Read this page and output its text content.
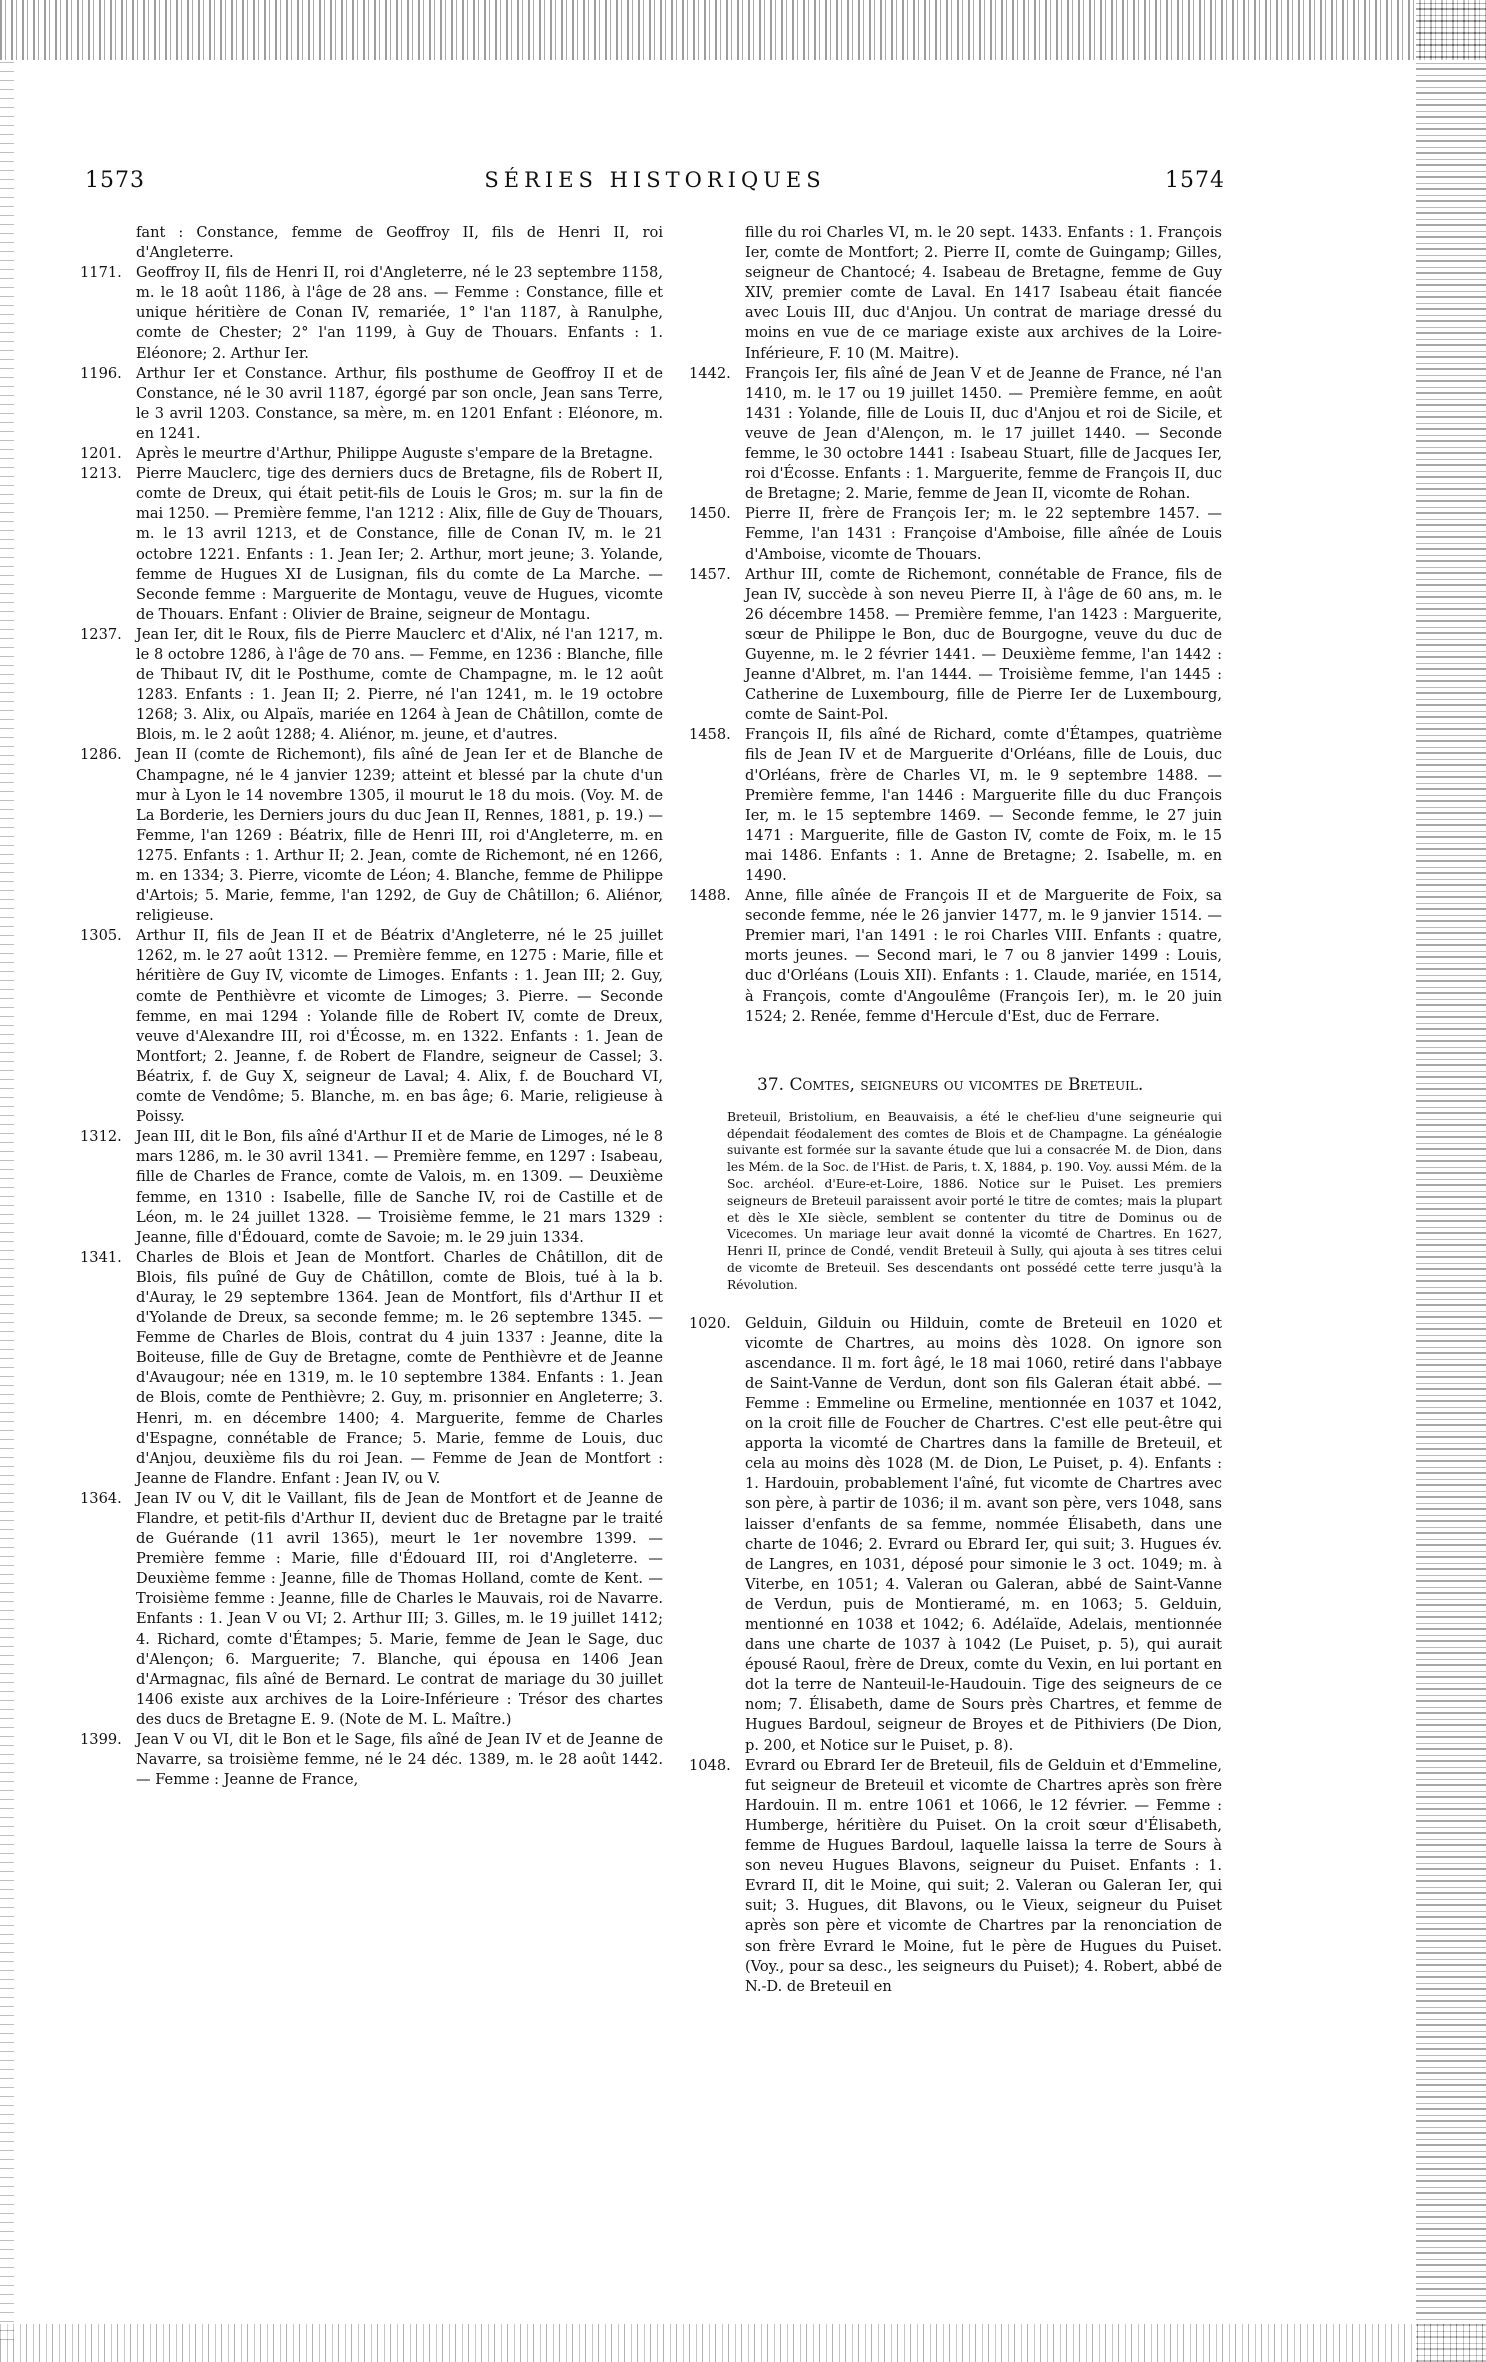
1573	SÉRIES HISTORIQUES	1574
fant : Constance, femme de Geoffroy II, fils de Henri II, roi d'Angleterre.
1171. Geoffroy II, fils de Henri II, roi d'Angleterre, né le 23 septembre 1158, m. le 18 août 1186, à l'âge de 28 ans. — Femme : Constance, fille et unique héritière de Conan IV, remariée, 1° l'an 1187, à Ranulphe, comte de Chester; 2° l'an 1199, à Guy de Thouars. Enfants : 1. Eléonore; 2. Arthur Ier.
1196. Arthur Ier et Constance. Arthur, fils posthume de Geoffroy II et de Constance, né le 30 avril 1187, égorgé par son oncle, Jean sans Terre, le 3 avril 1203. Constance, sa mère, m. en 1201 Enfant : Eléonore, m. en 1241.
1201. Après le meurtre d'Arthur, Philippe Auguste s'empare de la Bretagne.
1213. Pierre Mauclerc, tige des derniers ducs de Bretagne, fils de Robert II, comte de Dreux, qui était petit-fils de Louis le Gros; m. sur la fin de mai 1250. — Première femme, l'an 1212 : Alix, fille de Guy de Thouars, m. le 13 avril 1213, et de Constance, fille de Conan IV, m. le 21 octobre 1221. Enfants : 1. Jean Ier; 2. Arthur, mort jeune; 3. Yolande, femme de Hugues XI de Lusignan, fils du comte de La Marche. — Seconde femme : Marguerite de Montagu, veuve de Hugues, vicomte de Thouars. Enfant : Olivier de Braine, seigneur de Montagu.
1237. Jean Ier, dit le Roux, fils de Pierre Mauclerc et d'Alix, né l'an 1217, m. le 8 octobre 1286, à l'âge de 70 ans. — Femme, en 1236 : Blanche, fille de Thibaut IV, dit le Posthume, comte de Champagne, m. le 12 août 1283. Enfants : 1. Jean II; 2. Pierre, né l'an 1241, m. le 19 octobre 1268; 3. Alix, ou Alpaïs, mariée en 1264 à Jean de Châtillon, comte de Blois, m. le 2 août 1288; 4. Aliénor, m. jeune, et d'autres.
1286. Jean II (comte de Richemont), fils aîné de Jean Ier et de Blanche de Champagne, né le 4 janvier 1239; atteint et blessé par la chute d'un mur à Lyon le 14 novembre 1305, il mourut le 18 du mois. (Voy. M. de La Borderie, les Derniers jours du duc Jean II, Rennes, 1881, p. 19.) — Femme, l'an 1269 : Béatrix, fille de Henri III, roi d'Angleterre, m. en 1275. Enfants : 1. Arthur II; 2. Jean, comte de Richemont, né en 1266, m. en 1334; 3. Pierre, vicomte de Léon; 4. Blanche, femme de Philippe d'Artois; 5. Marie, femme, l'an 1292, de Guy de Châtillon; 6. Aliénor, religieuse.
1305. Arthur II, fils de Jean II et de Béatrix d'Angleterre, né le 25 juillet 1262, m. le 27 août 1312. — Première femme, en 1275 : Marie, fille et héritière de Guy IV, vicomte de Limoges. Enfants : 1. Jean III; 2. Guy, comte de Penthièvre et vicomte de Limoges; 3. Pierre. — Seconde femme, en mai 1294 : Yolande fille de Robert IV, comte de Dreux, veuve d'Alexandre III, roi d'Écosse, m. en 1322. Enfants : 1. Jean de Montfort; 2. Jeanne, f. de Robert de Flandre, seigneur de Cassel; 3. Béatrix, f. de Guy X, seigneur de Laval; 4. Alix, f. de Bouchard VI, comte de Vendôme; 5. Blanche, m. en bas âge; 6. Marie, religieuse à Poissy.
1312. Jean III, dit le Bon, fils aîné d'Arthur II et de Marie de Limoges, né le 8 mars 1286, m. le 30 avril 1341. — Première femme, en 1297 : Isabeau, fille de Charles de France, comte de Valois, m. en 1309. — Deuxième femme, en 1310 : Isabelle, fille de Sanche IV, roi de Castille et de Léon, m. le 24 juillet 1328. — Troisième femme, le 21 mars 1329 : Jeanne, fille d'Édouard, comte de Savoie; m. le 29 juin 1334.
1341. Charles de Blois et Jean de Montfort. Charles de Châtillon, dit de Blois, fils puîné de Guy de Châtillon, comte de Blois, tué à la b. d'Auray, le 29 septembre 1364. Jean de Montfort, fils d'Arthur II et d'Yolande de Dreux, sa seconde femme; m. le 26 septembre 1345. — Femme de Charles de Blois, contrat du 4 juin 1337 : Jeanne, dite la Boiteuse, fille de Guy de Bretagne, comte de Penthièvre et de Jeanne d'Avaugour; née en 1319, m. le 10 septembre 1384. Enfants : 1. Jean de Blois, comte de Penthièvre; 2. Guy, m. prisonnier en Angleterre; 3. Henri, m. en décembre 1400; 4. Marguerite, femme de Charles d'Espagne, connétable de France; 5. Marie, femme de Louis, duc d'Anjou, deuxième fils du roi Jean. — Femme de Jean de Montfort : Jeanne de Flandre. Enfant : Jean IV, ou V.
1364. Jean IV ou V, dit le Vaillant, fils de Jean de Montfort et de Jeanne de Flandre, et petit-fils d'Arthur II, devient duc de Bretagne par le traité de Guérande (11 avril 1365), meurt le 1er novembre 1399. — Première femme : Marie, fille d'Édouard III, roi d'Angleterre. — Deuxième femme : Jeanne, fille de Thomas Holland, comte de Kent. — Troisième femme : Jeanne, fille de Charles le Mauvais, roi de Navarre. Enfants : 1. Jean V ou VI; 2. Arthur III; 3. Gilles, m. le 19 juillet 1412; 4. Richard, comte d'Étampes; 5. Marie, femme de Jean le Sage, duc d'Alençon; 6. Marguerite; 7. Blanche, qui épousa en 1406 Jean d'Armagnac, fils aîné de Bernard. Le contrat de mariage du 30 juillet 1406 existe aux archives de la Loire-Inférieure : Trésor des chartes des ducs de Bretagne E. 9. (Note de M. L. Maître.)
1399. Jean V ou VI, dit le Bon et le Sage, fils aîné de Jean IV et de Jeanne de Navarre, sa troisième femme, né le 24 déc. 1389, m. le 28 août 1442. — Femme : Jeanne de France,
fille du roi Charles VI, m. le 20 sept. 1433. Enfants : 1. François Ier, comte de Montfort; 2. Pierre II, comte de Guingamp; Gilles, seigneur de Chantocé; 4. Isabeau de Bretagne, femme de Guy XIV, premier comte de Laval. En 1417 Isabeau était fiancée avec Louis III, duc d'Anjou. Un contrat de mariage dressé du moins en vue de ce mariage existe aux archives de la Loire-Inférieure, F. 10 (M. Maitre).
1442. François Ier, fils aîné de Jean V et de Jeanne de France, né l'an 1410, m. le 17 ou 19 juillet 1450. — Première femme, en août 1431 : Yolande, fille de Louis II, duc d'Anjou et roi de Sicile, et veuve de Jean d'Alençon, m. le 17 juillet 1440. — Seconde femme, le 30 octobre 1441 : Isabeau Stuart, fille de Jacques Ier, roi d'Écosse. Enfants : 1. Marguerite, femme de François II, duc de Bretagne; 2. Marie, femme de Jean II, vicomte de Rohan.
1450. Pierre II, frère de François Ier; m. le 22 septembre 1457. — Femme, l'an 1431 : Françoise d'Amboise, fille aînée de Louis d'Amboise, vicomte de Thouars.
1457. Arthur III, comte de Richemont, connétable de France, fils de Jean IV, succède à son neveu Pierre II, à l'âge de 60 ans, m. le 26 décembre 1458. — Première femme, l'an 1423 : Marguerite, sœur de Philippe le Bon, duc de Bourgogne, veuve du duc de Guyenne, m. le 2 février 1441. — Deuxième femme, l'an 1442 : Jeanne d'Albret, m. l'an 1444. — Troisième femme, l'an 1445 : Catherine de Luxembourg, fille de Pierre Ier de Luxembourg, comte de Saint-Pol.
1458. François II, fils aîné de Richard, comte d'Étampes, quatrième fils de Jean IV et de Marguerite d'Orléans, fille de Louis, duc d'Orléans, frère de Charles VI, m. le 9 septembre 1488. — Première femme, l'an 1446 : Marguerite fille du duc François Ier, m. le 15 septembre 1469. — Seconde femme, le 27 juin 1471 : Marguerite, fille de Gaston IV, comte de Foix, m. le 15 mai 1486. Enfants : 1. Anne de Bretagne; 2. Isabelle, m. en 1490.
1488. Anne, fille aînée de François II et de Marguerite de Foix, sa seconde femme, née le 26 janvier 1477, m. le 9 janvier 1514. — Premier mari, l'an 1491 : le roi Charles VIII. Enfants : quatre, morts jeunes. — Second mari, le 7 ou 8 janvier 1499 : Louis, duc d'Orléans (Louis XII). Enfants : 1. Claude, mariée, en 1514, à François, comte d'Angoulême (François Ier), m. le 20 juin 1524; 2. Renée, femme d'Hercule d'Est, duc de Ferrare.
37. Comtes, seigneurs ou vicomtes de Breteuil.
Breteuil, Bristolium, en Beauvaisis, a été le chef-lieu d'une seigneurie qui dépendait féodalement des comtes de Blois et de Champagne. La généalogie suivante est formée sur la savante étude que lui a consacrée M. de Dion, dans les Mém. de la Soc. de l'Hist. de Paris, t. X, 1884, p. 190. Voy. aussi Mém. de la Soc. archéol. d'Eure-et-Loire, 1886. Notice sur le Puiset. Les premiers seigneurs de Breteuil paraissent avoir porté le titre de comtes; mais la plupart et dès le XIe siècle, semblent se contenter du titre de Dominus ou de Vicecomes. Un mariage leur avait donné la vicomté de Chartres. En 1627, Henri II, prince de Condé, vendit Breteuil à Sully, qui ajouta à ses titres celui de vicomte de Breteuil. Ses descendants ont possédé cette terre jusqu'à la Révolution.
1020. Gelduin, Gilduin ou Hilduin, comte de Breteuil en 1020 et vicomte de Chartres, au moins dès 1028. On ignore son ascendance. Il m. fort âgé, le 18 mai 1060, retiré dans l'abbaye de Saint-Vanne de Verdun, dont son fils Galeran était abbé. — Femme : Emmeline ou Ermeline, mentionnée en 1037 et 1042, on la croit fille de Foucher de Chartres. C'est elle peut-être qui apporta la vicomté de Chartres dans la famille de Breteuil, et cela au moins dès 1028 (M. de Dion, Le Puiset, p. 4). Enfants : 1. Hardouin, probablement l'aîné, fut vicomte de Chartres avec son père, à partir de 1036; il m. avant son père, vers 1048, sans laisser d'enfants de sa femme, nommée Élisabeth, dans une charte de 1046; 2. Evrard ou Ebrard Ier, qui suit; 3. Hugues év. de Langres, en 1031, déposé pour simonie le 3 oct. 1049; m. à Viterbe, en 1051; 4. Valeran ou Galeran, abbé de Saint-Vanne de Verdun, puis de Montieramé, m. en 1063; 5. Gelduin, mentionné en 1038 et 1042; 6. Adélaïde, Adelais, mentionnée dans une charte de 1037 à 1042 (Le Puiset, p. 5), qui aurait épousé Raoul, frère de Dreux, comte du Vexin, en lui portant en dot la terre de Nanteuil-le-Haudouin. Tige des seigneurs de ce nom; 7. Élisabeth, dame de Sours près Chartres, et femme de Hugues Bardoul, seigneur de Broyes et de Pithiviers (De Dion, p. 200, et Notice sur le Puiset, p. 8).
1048. Evrard ou Ebrard Ier de Breteuil, fils de Gelduin et d'Emmeline, fut seigneur de Breteuil et vicomte de Chartres après son frère Hardouin. Il m. entre 1061 et 1066, le 12 février. — Femme : Humberge, héritière du Puiset. On la croit sœur d'Élisabeth, femme de Hugues Bardoul, laquelle laissa la terre de Sours à son neveu Hugues Blavons, seigneur du Puiset. Enfants : 1. Evrard II, dit le Moine, qui suit; 2. Valeran ou Galeran Ier, qui suit; 3. Hugues, dit Blavons, ou le Vieux, seigneur du Puiset après son père et vicomte de Chartres par la renonciation de son frère Evrard le Moine, fut le père de Hugues du Puiset. (Voy., pour sa desc., les seigneurs du Puiset); 4. Robert, abbé de N.-D. de Breteuil en
